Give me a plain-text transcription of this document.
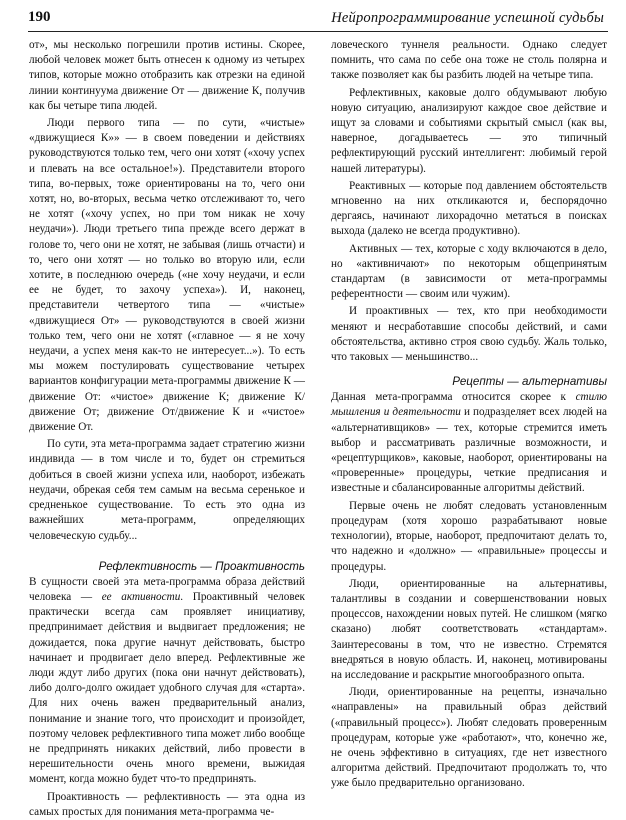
190	Нейропрограммирование успешной судьбы

от», мы несколько погрешили против истины. Скорее, любой человек может быть отнесен к одному из четырех типов, которые можно отобразить как отрезки на единой линии континуума движение От — движение К, получив как бы четыре типа людей.

Люди первого типа — по сути, «чистые» «движущиеся К»» — в своем поведении и действиях руководствуются только тем, чего они хотят («хочу успех и плевать на все остальное!»). Представители второго типа, во-первых, тоже ориентированы на то, чего они хотят, но, во-вторых, весьма четко отслеживают то, чего не хотят («хочу успех, но при том никак не хочу неудачи»). Люди третьего типа прежде всего держат в голове то, чего они не хотят, не забывая (лишь отчасти) и то, чего они хотят — но только во вторую или, если хотите, в последнюю очередь («не хочу неудачи, и если ее не будет, то захочу успеха»). И, наконец, представители четвертого типа — «чистые» «движущиеся От» — руководствуются в своей жизни только тем, чего они не хотят («главное — я не хочу неудачи, а успех меня как-то не интересует...»). То есть мы можем постулировать существование четырех вариантов конфигурации мета-программы движение К — движение От: «чистое» движение К; движение К/движение От; движение От/движение К и «чистое» движение От.

По сути, эта мета-программа задает стратегию жизни индивида — в том числе и то, будет он стремиться добиться в своей жизни успеха или, наоборот, избежать неудачи, обрекая себя тем самым на весьма серенькое и средненькое существование. То есть это одна из важнейших мета-программ, определяющих человеческую судьбу...

Рефлективность — Проактивность

В сущности своей эта мета-программа образа действий человека — ее активности. Проактивный человек практически всегда сам проявляет инициативу, предпринимает действия и выдвигает предложения; не дожидается, пока другие начнут действовать, быстро начинает и продвигает дело вперед. Рефлективные же люди ждут либо других (пока они начнут действовать), либо долго-долго ожидает удобного случая для «старта». Для них очень важен предварительный анализ, понимание и знание того, что происходит и произойдет, поэтому человек рефлективного типа может либо вообще не предпринять никаких действий, либо провести в нерешительности очень много времени, выжидая момент, когда можно будет что-то предпринять.

Проактивность — рефлективность — эта одна из самых простых для понимания мета-программа че-

ловеческого туннеля реальности. Однако следует помнить, что сама по себе она тоже не столь полярна и также позволяет как бы разбить людей на четыре типа.

Рефлективных, каковые долго обдумывают любую новую ситуацию, анализируют каждое свое действие и ищут за словами и событиями скрытый смысл (как вы, наверное, догадываетесь — это типичный рефлектирующий русский интеллигент: любимый герой нашей литературы).

Реактивных — которые под давлением обстоятельств мгновенно на них откликаются и, беспорядочно дергаясь, начинают лихорадочно метаться в поисках выхода (далеко не всегда продуктивно).

Активных — тех, которые с ходу включаются в дело, но «активничают» по некоторым общепринятым стандартам (в зависимости от мета-программы референтности — своим или чужим).

И проактивных — тех, кто при необходимости меняют и несработавшие способы действий, и сами обстоятельства, активно строя свою судьбу. Жаль только, что таковых — меньшинство...

Рецепты — альтернативы

Данная мета-программа относится скорее к стилю мышления и деятельности и подразделяет всех людей на «альтернативщиков» — тех, которые стремится иметь выбор и рассматривать различные возможности, и «рецептурщиков», каковые, наоборот, ориентированы на «проверенные» процедуры, четкие предписания и известные и сбалансированные алгоритмы действий.

Первые очень не любят следовать установленным процедурам (хотя хорошо разрабатывают новые технологии), вторые, наоборот, предпочитают делать то, что надежно и «должно» — «правильные» процессы и процедуры.

Люди, ориентированные на альтернативы, талантливы в создании и совершенствовании новых процессов, нахождении новых путей. Не слишком (мягко сказано) любят соответствовать «стандартам». Заинтересованы в том, что не известно. Стремятся внедряться в новую область. И, наконец, мотивированы на исследование и раскрытие многообразного опыта.

Люди, ориентированные на рецепты, изначально «направлены» на правильный образ действий («правильный процесс»). Любят следовать проверенным процедурам, которые уже «работают», что, конечно же, не очень эффективно в ситуациях, где нет известного алгоритма действий. Предпочитают продолжать то, что уже было предварительно организовано.
